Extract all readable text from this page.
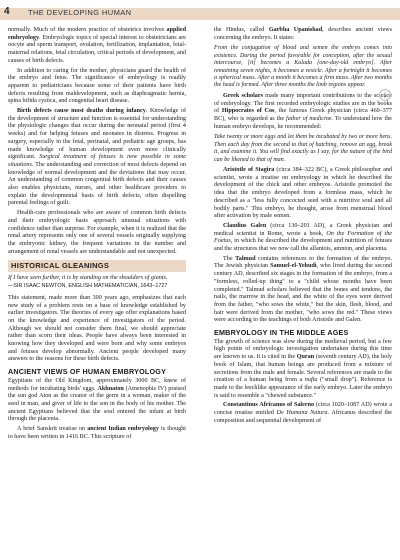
4 THE DEVELOPING HUMAN

normally. Much of the modern practice of obstetrics involves applied embryology. Embryologic topics of special interest to obstetricians are oocyte and sperm transport, ovulation, fertilization, implantation, fetal-maternal relations, fetal circulation, critical periods of development, and causes of birth defects.

In addition to caring for the mother, physicians guard the health of the embryo and fetus. The significance of embryology is readily apparent to pediatricians because some of their patients have birth defects resulting from maldevelopment, such as diaphragmatic hernia, spina bifida cystica, and congenital heart disease.

Birth defects cause most deaths during infancy. Knowledge of the development of structure and function is essential for understanding the physiologic changes that occur during the neonatal period (first 4 weeks) and for helping fetuses and neonates in distress. Progress in surgery, especially in the fetal, perinatal, and pediatric age groups, has made knowledge of human development even more clinically significant. Surgical treatment of fetuses is now possible in some situations. The understanding and correction of most defects depend on knowledge of normal development and the deviations that may occur. An understanding of common congenital birth defects and their causes also enables physicians, nurses, and other healthcare providers to explain the developmental basis of birth defects, often dispelling parental feelings of guilt.

Health-care professionals who are aware of common birth defects and their embryologic basis approach unusual situations with confidence rather than surprise. For example, when it is realized that the renal artery represents only one of several vessels originally supplying the embryonic kidney, the frequent variations in the number and arrangement of renal vessels are understandable and not unexpected.

HISTORICAL GLEANINGS

If I have seen further, it is by standing on the shoulders of giants.

—SIR ISAAC NEWTON, ENGLISH MATHEMATICIAN, 1643–1727

This statement, made more than 300 years ago, emphasizes that each new study of a problem rests on a base of knowledge established by earlier investigators. The theories of every age offer explanations based on the knowledge and experience of investigators of the period. Although we should not consider them final, we should appreciate rather than scorn their ideas. People have always been interested in knowing how they developed and were born and why some embryos and fetuses develop abnormally. Ancient people developed many answers to the reasons for these birth defects.

ANCIENT VIEWS OF HUMAN EMBRYOLOGY

Egyptians of the Old Kingdom, approximately 3000 BC, knew of methods for incubating birds' eggs. Akhnaton (Amenophis IV) praised the sun god Aton as the creator of the germ in a woman, maker of the seed in man, and giver of life to the son in the body of his mother. The ancient Egyptians believed that the soul entered the infant at birth through the placenta.

A brief Sanskrit treatise on ancient Indian embryology is thought to have been written in 1416 BC. This scripture of

the Hindus, called Garbha Upanishad, describes ancient views concerning the embryo. It states:

From the conjugation of blood and semen the embryo comes into existence. During the period favorable for conception, after the sexual intercourse, [it] becomes a Kalada [one-day-old embryo]. After remaining seven nights, it becomes a vesicle. After a fortnight it becomes a spherical mass. After a month it becomes a firm mass. After two months the head is formed. After three months the limb regions appear.

Greek scholars made many important contributions to the science of embryology. The first recorded embryologic studies are in the books of Hippocrates of Cos, the famous Greek physician (circa 460–377 BC), who is regarded as the father of medicine. To understand how the human embryo develops, he recommended:

Take twenty or more eggs and let them be incubated by two or more hens. Then each day from the second to that of hatching, remove an egg, break it, and examine it. You will find exactly as I say, for the nature of the bird can be likened to that of man.

Aristotle of Stagira (circa 384–322 BC), a Greek philosopher and scientist, wrote a treatise on embryology in which he described the development of the chick and other embryos. Aristotle promoted the idea that the embryo developed from a formless mass, which he described as a "less fully concocted seed with a nutritive soul and all bodily parts." This embryo, he thought, arose from menstrual blood after activation by male semen.

Claudius Galen (circa 130–201 AD), a Greek physician and medical scientist in Rome, wrote a book, On the Formation of the Foetus, in which he described the development and nutrition of fetuses and the structures that we now call the allantois, amnion, and placenta.

The Talmud contains references to the formation of the embryo. The Jewish physician Samuel-el-Yehudi, who lived during the second century AD, described six stages in the formation of the embryo, from a "formless, rolled-up thing" to a "child whose months have been completed." Talmud scholars believed that the bones and tendons, the nails, the marrow in the head, and the white of the eyes were derived from the father, "who sows the white," but the skin, flesh, blood, and hair were derived from the mother, "who sows the red." These views were according to the teachings of both Aristotle and Galen.

EMBRYOLOGY IN THE MIDDLE AGES

The growth of science was slow during the medieval period, but a few high points of embryologic investigation undertaken during this time are known to us. It is cited in the Quran (seventh century AD), the holy book of Islam, that human beings are produced from a mixture of secretions from the male and female. Several references are made to the creation of a human being from a nufta ("small drop"). Reference is made to the leechlike appearance of the early embryo. Later the embryo is said to resemble a "chewed substance."

Constantinus Africanus of Salerno (circa 1020–1087 AD) wrote a concise treatise entitled De Humana Natura. Africanus described the composition and sequential development of
